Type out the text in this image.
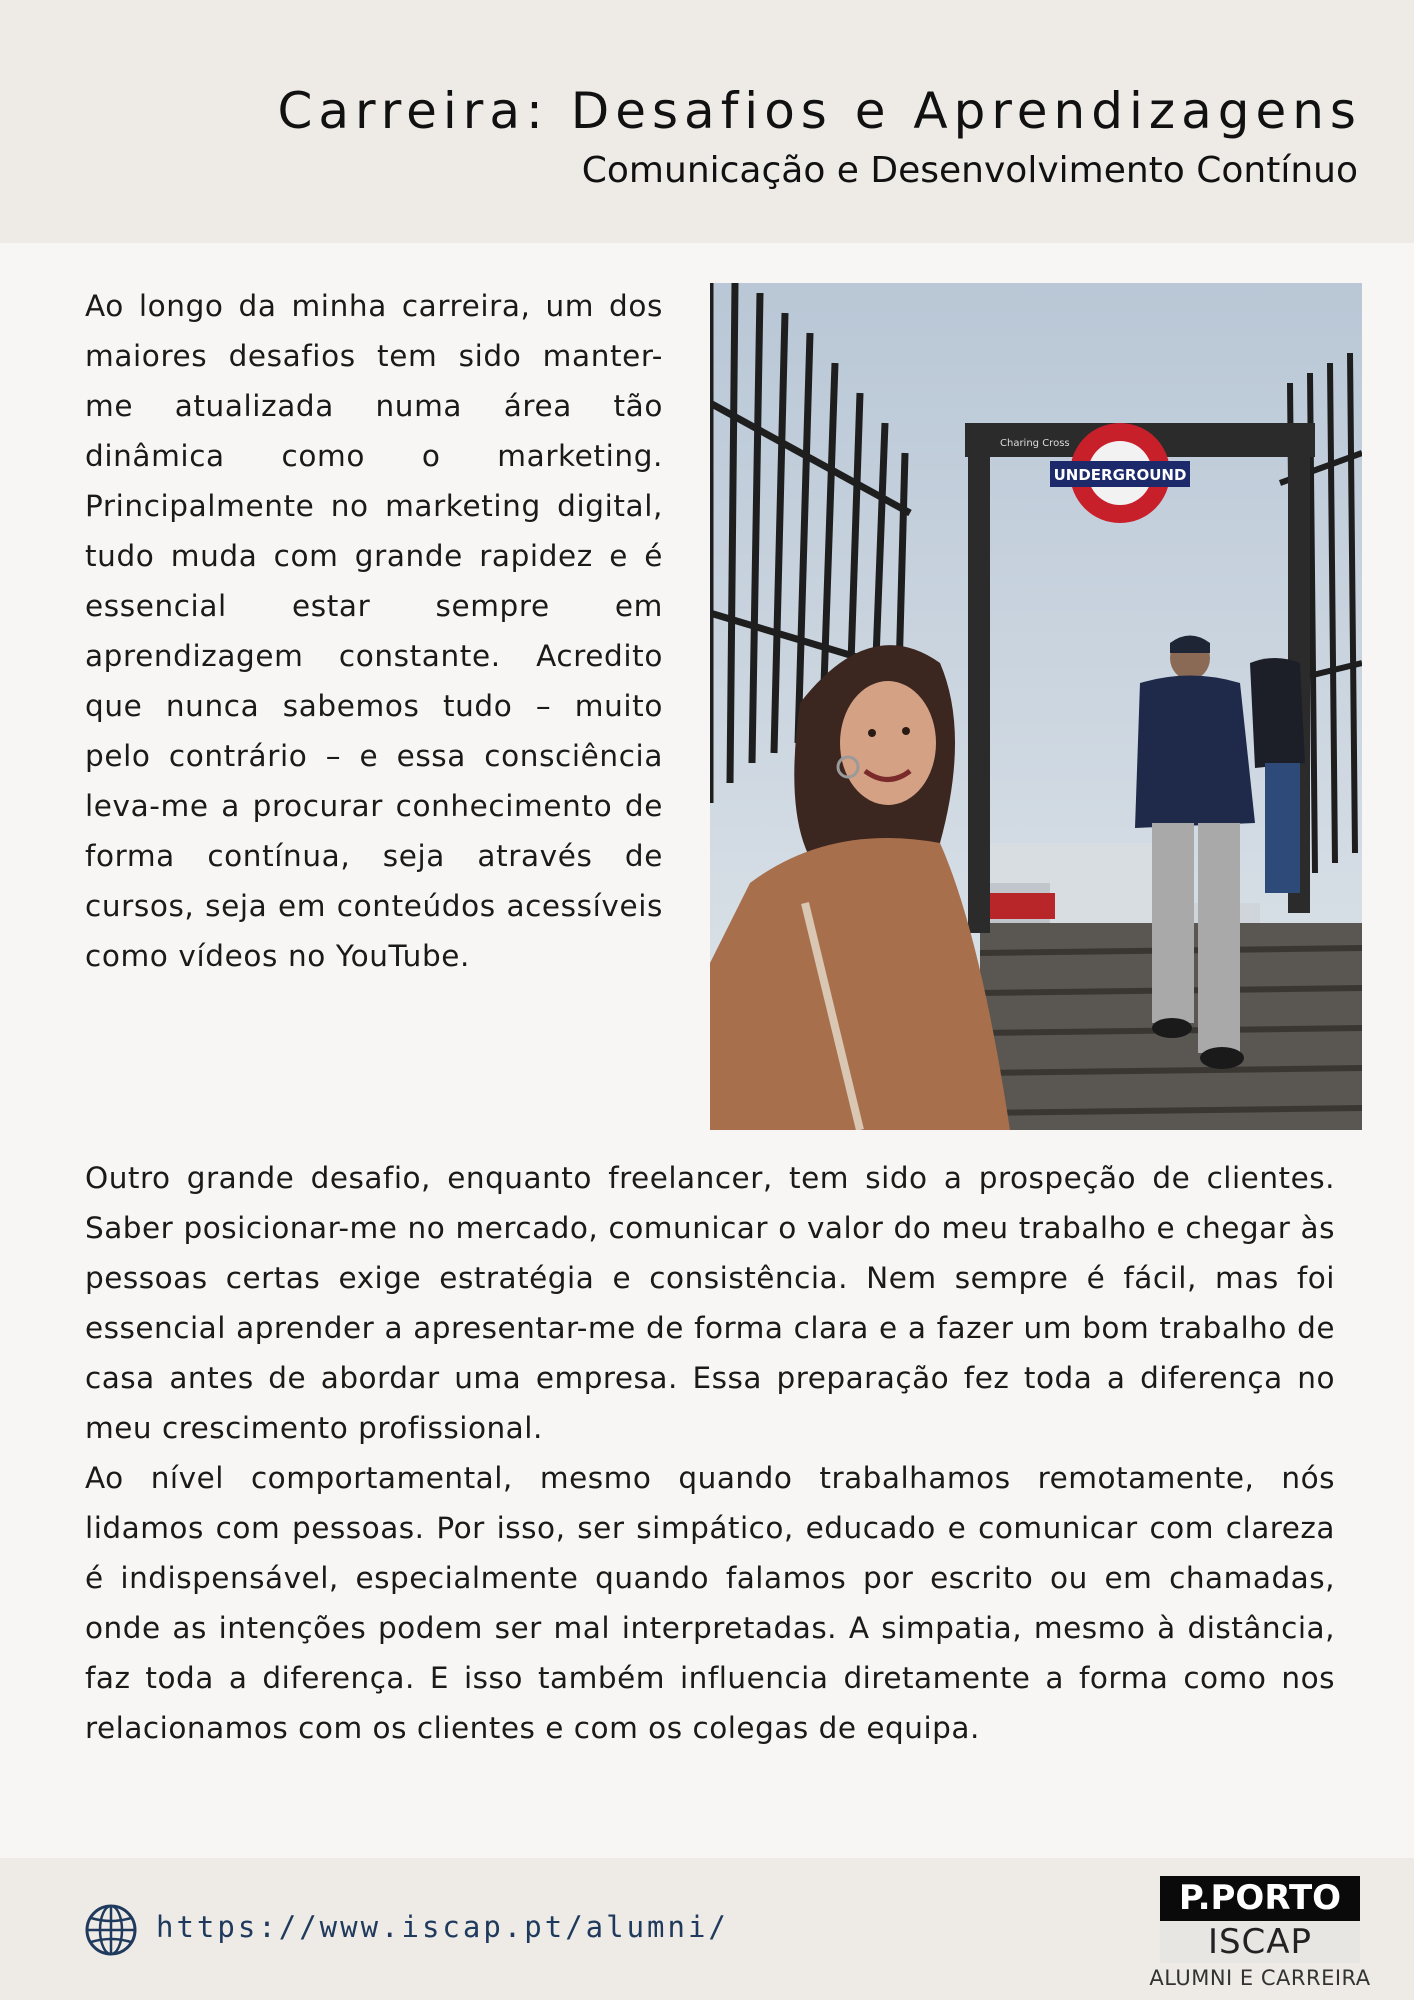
Carreira: Desafios e Aprendizagens
Comunicação e Desenvolvimento Contínuo

Ao longo da minha carreira, um dos maiores desafios tem sido manter-me atualizada numa área tão dinâmica como o marketing. Principalmente no marketing digital, tudo muda com grande rapidez e é essencial estar sempre em aprendizagem constante. Acredito que nunca sabemos tudo – muito pelo contrário – e essa consciência leva-me a procurar conhecimento de forma contínua, seja através de cursos, seja em conteúdos acessíveis como vídeos no YouTube.

Charing Cross
UNDERGROUND

Outro grande desafio, enquanto freelancer, tem sido a prospeção de clientes. Saber posicionar-me no mercado, comunicar o valor do meu trabalho e chegar às pessoas certas exige estratégia e consistência. Nem sempre é fácil, mas foi essencial aprender a apresentar-me de forma clara e a fazer um bom trabalho de casa antes de abordar uma empresa. Essa preparação fez toda a diferença no meu crescimento profissional.
Ao nível comportamental, mesmo quando trabalhamos remotamente, nós lidamos com pessoas. Por isso, ser simpático, educado e comunicar com clareza é indispensável, especialmente quando falamos por escrito ou em chamadas, onde as intenções podem ser mal interpretadas. A simpatia, mesmo à distância, faz toda a diferença. E isso também influencia diretamente a forma como nos relacionamos com os clientes e com os colegas de equipa.

https://www.iscap.pt/alumni/
P.PORTO
ISCAP
ALUMNI E CARREIRA
